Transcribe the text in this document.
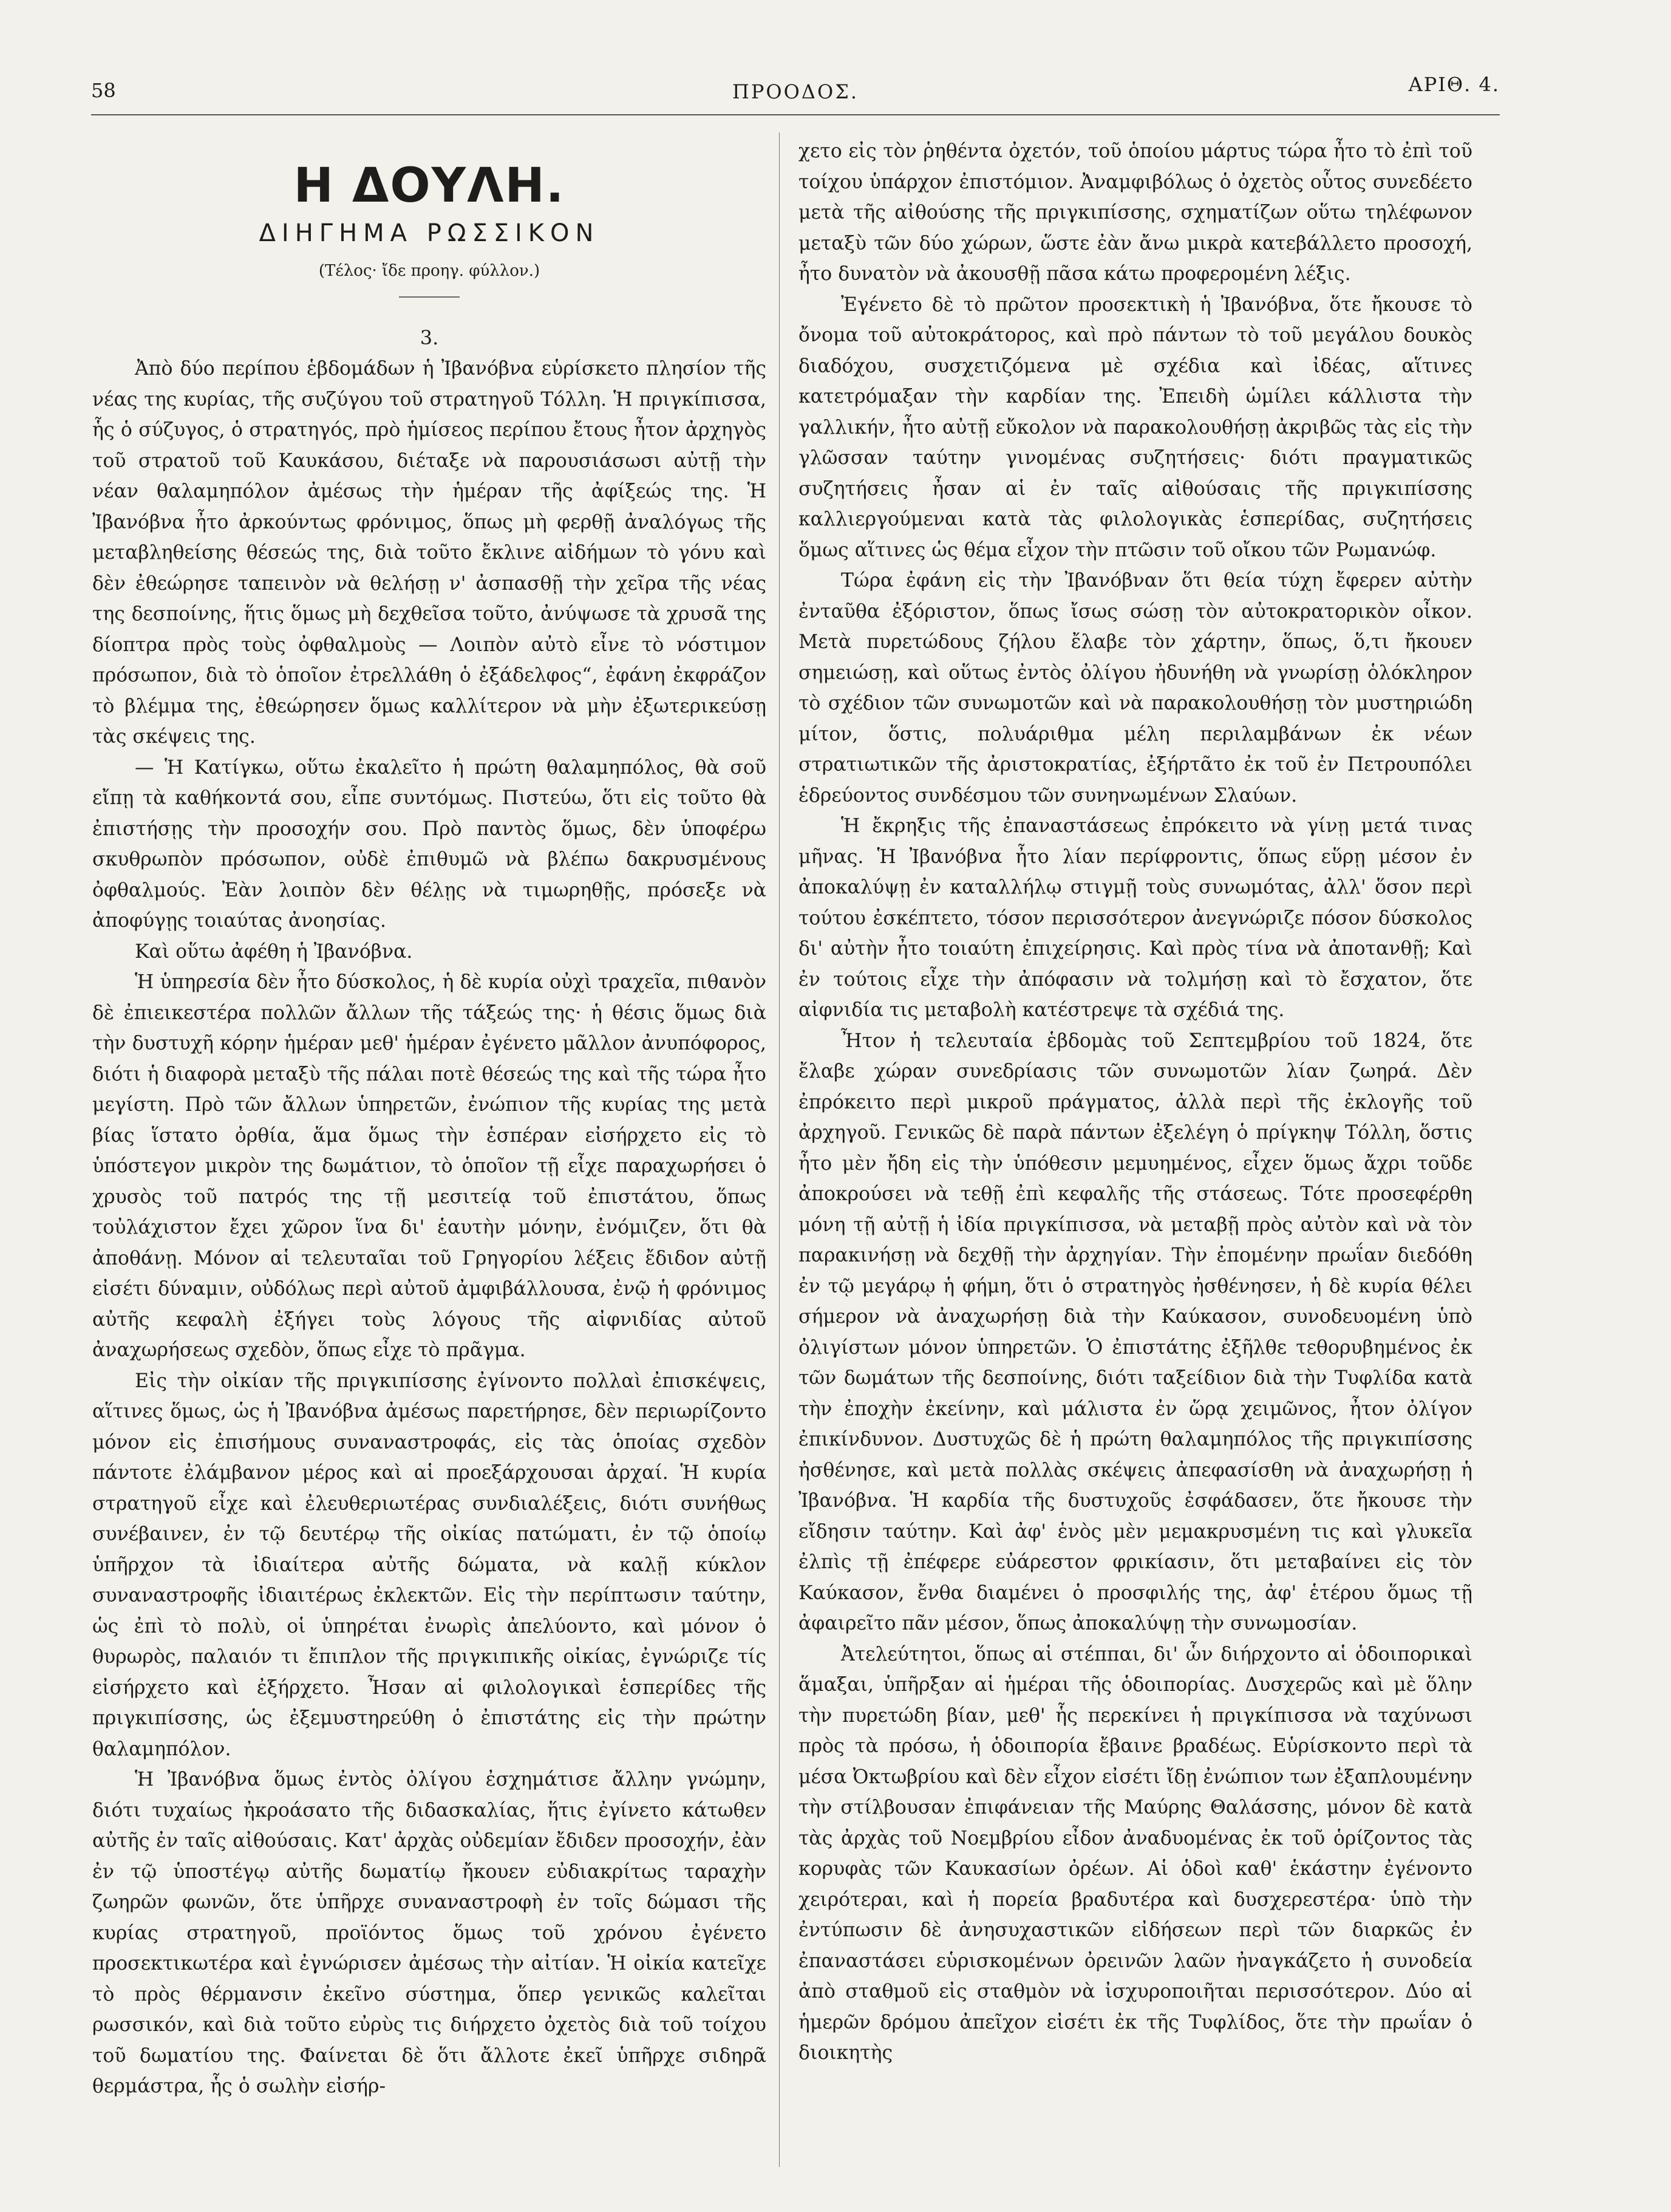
58	ΠΡΟΟΔΟΣ.	ΑΡΙΘ. 4.
Η ΔΟΥΛΗ.
ΔΙΗΓΗΜΑ ΡΩΣΣΙΚΟΝ
(Τέλος· ἴδε προηγ. φύλλον.)
3.

Ἀπὸ δύο περίπου ἑβδομάδων ἡ Ἰβανόβνα εὑρίσκετο πλησίον τῆς νέας της κυρίας, τῆς συζύγου τοῦ στρατηγοῦ Τόλλη. Ἡ πριγκίπισσα, ἧς ὁ σύζυγος, ὁ στρατηγός, πρὸ ἡμίσεος περίπου ἔτους ἦτον ἀρχηγὸς τοῦ στρατοῦ τοῦ Καυκάσου, διέταξε νὰ παρουσιάσωσι αὐτῇ τὴν νέαν θαλαμηπόλον ἀμέσως τὴν ἡμέραν τῆς ἀφίξεώς της. Ἡ Ἰβανόβνα ἦτο ἀρκούντως φρόνιμος, ὅπως μὴ φερθῇ ἀναλόγως τῆς μεταβληθείσης θέσεώς της, διὰ τοῦτο ἔκλινε αἰδήμων τὸ γόνυ καὶ δὲν ἐθεώρησε ταπεινὸν νὰ θελήσῃ ν' ἀσπασθῇ τὴν χεῖρα τῆς νέας της δεσποίνης, ἥτις ὅμως μὴ δεχθεῖσα τοῦτο, ἀνύψωσε τὰ χρυσᾶ της δίοπτρα πρὸς τοὺς ὀφθαλμοὺς — Λοιπὸν αὐτὸ εἶνε τὸ νόστιμον πρόσωπον, διὰ τὸ ὁποῖον ἐτρελλάθη ὁ ἐξάδελφος“, ἐφάνη ἐκφράζον τὸ βλέμμα της, ἐθεώρησεν ὅμως καλλίτερον νὰ μὴν ἐξωτερικεύσῃ τὰς σκέψεις της.

— Ἡ Κατίγκω, οὕτω ἐκαλεῖτο ἡ πρώτη θαλαμηπόλος, θὰ σοῦ εἴπῃ τὰ καθήκοντά σου, εἶπε συντόμως. Πιστεύω, ὅτι εἰς τοῦτο θὰ ἐπιστήσῃς τὴν προσοχήν σου. Πρὸ παντὸς ὅμως, δὲν ὑποφέρω σκυθρωπὸν πρόσωπον, οὐδὲ ἐπιθυμῶ νὰ βλέπω δακρυσμένους ὀφθαλμούς. Ἐὰν λοιπὸν δὲν θέλῃς νὰ τιμωρηθῇς, πρόσεξε νὰ ἀποφύγῃς τοιαύτας ἀνοησίας.

Καὶ οὕτω ἀφέθη ἡ Ἰβανόβνα.

Ἡ ὑπηρεσία δὲν ἦτο δύσκολος, ἡ δὲ κυρία οὐχὶ τραχεῖα, πιθανὸν δὲ ἐπιεικεστέρα πολλῶν ἄλλων τῆς τάξεώς της· ἡ θέσις ὅμως διὰ τὴν δυστυχῆ κόρην ἡμέραν μεθ' ἡμέραν ἐγένετο μᾶλλον ἀνυπόφορος, διότι ἡ διαφορὰ μεταξὺ τῆς πάλαι ποτὲ θέσεώς της καὶ τῆς τώρα ἦτο μεγίστη. Πρὸ τῶν ἄλλων ὑπηρετῶν, ἐνώπιον τῆς κυρίας της μετὰ βίας ἵστατο ὀρθία, ἅμα ὅμως τὴν ἑσπέραν εἰσήρχετο εἰς τὸ ὑπόστεγον μικρὸν της δωμάτιον, τὸ ὁποῖον τῇ εἶχε παραχωρήσει ὁ χρυσὸς τοῦ πατρός της τῇ μεσιτείᾳ τοῦ ἐπιστάτου, ὅπως τοὐλάχιστον ἔχει χῶρον ἵνα δι' ἑαυτὴν μόνην, ἐνόμιζεν, ὅτι θὰ ἀποθάνῃ. Μόνον αἱ τελευταῖαι τοῦ Γρηγορίου λέξεις ἔδιδον αὐτῇ εἰσέτι δύναμιν, οὐδόλως περὶ αὐτοῦ ἀμφιβάλλουσα, ἐνῷ ἡ φρόνιμος αὐτῆς κεφαλὴ ἐξήγει τοὺς λόγους τῆς αἰφνιδίας αὐτοῦ ἀναχωρήσεως σχεδὸν, ὅπως εἶχε τὸ πρᾶγμα.

Εἰς τὴν οἰκίαν τῆς πριγκιπίσσης ἐγίνοντο πολλαὶ ἐπισκέψεις, αἵτινες ὅμως, ὡς ἡ Ἰβανόβνα ἀμέσως παρετήρησε, δὲν περιωρίζοντο μόνον εἰς ἐπισήμους συναναστροφάς, εἰς τὰς ὁποίας σχεδὸν πάντοτε ἐλάμβανον μέρος καὶ αἱ προεξάρχουσαι ἀρχαί. Ἡ κυρία στρατηγοῦ εἶχε καὶ ἐλευθεριωτέρας συνδιαλέξεις, διότι συνήθως συνέβαινεν, ἐν τῷ δευτέρῳ τῆς οἰκίας πατώματι, ἐν τῷ ὁποίῳ ὑπῆρχον τὰ ἰδιαίτερα αὐτῆς δώματα, νὰ καλῇ κύκλον συναναστροφῆς ἰδιαιτέρως ἐκλεκτῶν. Εἰς τὴν περίπτωσιν ταύτην, ὡς ἐπὶ τὸ πολὺ, οἱ ὑπηρέται ἐνωρὶς ἀπελύοντο, καὶ μόνον ὁ θυρωρὸς, παλαιόν τι ἔπιπλον τῆς πριγκιπικῆς οἰκίας, ἐγνώριζε τίς εἰσήρχετο καὶ ἐξήρχετο. Ἦσαν αἱ φιλολογικαὶ ἑσπερίδες τῆς πριγκιπίσσης, ὡς ἐξεμυστηρεύθη ὁ ἐπιστάτης εἰς τὴν πρώτην θαλαμηπόλον.

Ἡ Ἰβανόβνα ὅμως ἐντὸς ὀλίγου ἐσχημάτισε ἄλλην γνώμην, διότι τυχαίως ἠκροάσατο τῆς διδασκαλίας, ἥτις ἐγίνετο κάτωθεν αὐτῆς ἐν ταῖς αἰθούσαις. Κατ' ἀρχὰς οὐδεμίαν ἔδιδεν προσοχήν, ἐὰν ἐν τῷ ὑποστέγῳ αὐτῆς δωματίῳ ἤκουεν εὐδιακρίτως ταραχὴν ζωηρῶν φωνῶν, ὅτε ὑπῆρχε συναναστροφὴ ἐν τοῖς δώμασι τῆς κυρίας στρατηγοῦ, προϊόντος ὅμως τοῦ χρόνου ἐγένετο προσεκτικωτέρα καὶ ἐγνώρισεν ἀμέσως τὴν αἰτίαν. Ἡ οἰκία κατεῖχε τὸ πρὸς θέρμανσιν ἐκεῖνο σύστημα, ὅπερ γενικῶς καλεῖται ρωσσικόν, καὶ διὰ τοῦτο εὐρὺς τις διήρχετο ὀχετὸς διὰ τοῦ τοίχου τοῦ δωματίου της. Φαίνεται δὲ ὅτι ἄλλοτε ἐκεῖ ὑπῆρχε σιδηρᾶ θερμάστρα, ἧς ὁ σωλὴν εἰσήρ-

χετο εἰς τὸν ῥηθέντα ὀχετόν, τοῦ ὁποίου μάρτυς τώρα ἦτο τὸ ἐπὶ τοῦ τοίχου ὑπάρχον ἐπιστόμιον. Ἀναμφιβόλως ὁ ὀχετὸς οὗτος συνεδέετο μετὰ τῆς αἰθούσης τῆς πριγκιπίσσης, σχηματίζων οὕτω τηλέφωνον μεταξὺ τῶν δύο χώρων, ὥστε ἐὰν ἄνω μικρὰ κατεβάλλετο προσοχή, ἦτο δυνατὸν νὰ ἀκουσθῇ πᾶσα κάτω προφερομένη λέξις.

Ἐγένετο δὲ τὸ πρῶτον προσεκτικὴ ἡ Ἰβανόβνα, ὅτε ἤκουσε τὸ ὄνομα τοῦ αὐτοκράτορος, καὶ πρὸ πάντων τὸ τοῦ μεγάλου δουκὸς διαδόχου, συσχετιζόμενα μὲ σχέδια καὶ ἰδέας, αἵτινες κατετρόμαξαν τὴν καρδίαν της. Ἐπειδὴ ὡμίλει κάλλιστα τὴν γαλλικήν, ἦτο αὐτῇ εὔκολον νὰ παρακολουθήσῃ ἀκριβῶς τὰς εἰς τὴν γλῶσσαν ταύτην γινομένας συζητήσεις· διότι πραγματικῶς συζητήσεις ἦσαν αἱ ἐν ταῖς αἰθούσαις τῆς πριγκιπίσσης καλλιεργούμεναι κατὰ τὰς φιλολογικὰς ἑσπερίδας, συζητήσεις ὅμως αἵτινες ὡς θέμα εἶχον τὴν πτῶσιν τοῦ οἴκου τῶν Ρωμανώφ.

Τώρα ἐφάνη εἰς τὴν Ἰβανόβναν ὅτι θεία τύχη ἔφερεν αὐτὴν ἐνταῦθα ἐξόριστον, ὅπως ἴσως σώσῃ τὸν αὐτοκρατορικὸν οἶκον. Μετὰ πυρετώδους ζήλου ἔλαβε τὸν χάρτην, ὅπως, ὅ,τι ἤκουεν σημειώσῃ, καὶ οὕτως ἐντὸς ὀλίγου ἠδυνήθη νὰ γνωρίσῃ ὁλόκληρον τὸ σχέδιον τῶν συνωμοτῶν καὶ νὰ παρακολουθήσῃ τὸν μυστηριώδη μίτον, ὅστις, πολυάριθμα μέλη περιλαμβάνων ἐκ νέων στρατιωτικῶν τῆς ἀριστοκρατίας, ἐξήρτᾶτο ἐκ τοῦ ἐν Πετρουπόλει ἑδρεύοντος συνδέσμου τῶν συνηνωμένων Σλαύων.

Ἡ ἔκρηξις τῆς ἐπαναστάσεως ἐπρόκειτο νὰ γίνῃ μετά τινας μῆνας. Ἡ Ἰβανόβνα ἦτο λίαν περίφροντις, ὅπως εὕρῃ μέσον ἐν ἀποκαλύψῃ ἐν καταλλήλῳ στιγμῇ τοὺς συνωμότας, ἀλλ' ὅσον περὶ τούτου ἐσκέπτετο, τόσον περισσότερον ἀνεγνώριζε πόσον δύσκολος δι' αὐτὴν ἦτο τοιαύτη ἐπιχείρησις. Καὶ πρὸς τίνα νὰ ἀποτανθῇ; Καὶ ἐν τούτοις εἶχε τὴν ἀπόφασιν νὰ τολμήσῃ καὶ τὸ ἔσχατον, ὅτε αἰφνιδία τις μεταβολὴ κατέστρεψε τὰ σχέδιά της.

Ἦτον ἡ τελευταία ἑβδομὰς τοῦ Σεπτεμβρίου τοῦ 1824, ὅτε ἔλαβε χώραν συνεδρίασις τῶν συνωμοτῶν λίαν ζωηρά. Δὲν ἐπρόκειτο περὶ μικροῦ πράγματος, ἀλλὰ περὶ τῆς ἐκλογῆς τοῦ ἀρχηγοῦ. Γενικῶς δὲ παρὰ πάντων ἐξελέγη ὁ πρίγκηψ Τόλλη, ὅστις ἦτο μὲν ἤδη εἰς τὴν ὑπόθεσιν μεμυημένος, εἶχεν ὅμως ἄχρι τοῦδε ἀποκρούσει νὰ τεθῇ ἐπὶ κεφαλῆς τῆς στάσεως. Τότε προσεφέρθη μόνη τῇ αὐτῇ ἡ ἰδία πριγκίπισσα, νὰ μεταβῇ πρὸς αὐτὸν καὶ νὰ τὸν παρακινήσῃ νὰ δεχθῇ τὴν ἀρχηγίαν. Τὴν ἐπομένην πρωΐαν διεδόθη ἐν τῷ μεγάρῳ ἡ φήμη, ὅτι ὁ στρατηγὸς ἠσθένησεν, ἡ δὲ κυρία θέλει σήμερον νὰ ἀναχωρήσῃ διὰ τὴν Καύκασον, συνοδευομένη ὑπὸ ὀλιγίστων μόνον ὑπηρετῶν. Ὁ ἐπιστάτης ἐξῆλθε τεθορυβημένος ἐκ τῶν δωμάτων τῆς δεσποίνης, διότι ταξείδιον διὰ τὴν Τυφλίδα κατὰ τὴν ἐποχὴν ἐκείνην, καὶ μάλιστα ἐν ὥρᾳ χειμῶνος, ἦτον ὀλίγον ἐπικίνδυνον. Δυστυχῶς δὲ ἡ πρώτη θαλαμηπόλος τῆς πριγκιπίσσης ἠσθένησε, καὶ μετὰ πολλὰς σκέψεις ἀπεφασίσθη νὰ ἀναχωρήσῃ ἡ Ἰβανόβνα. Ἡ καρδία τῆς δυστυχοῦς ἐσφάδασεν, ὅτε ἤκουσε τὴν εἴδησιν ταύτην. Καὶ ἀφ' ἑνὸς μὲν μεμακρυσμένη τις καὶ γλυκεῖα ἐλπὶς τῇ ἐπέφερε εὐάρεστον φρικίασιν, ὅτι μεταβαίνει εἰς τὸν Καύκασον, ἔνθα διαμένει ὁ προσφιλής της, ἀφ' ἑτέρου ὅμως τῇ ἀφαιρεῖτο πᾶν μέσον, ὅπως ἀποκαλύψῃ τὴν συνωμοσίαν.

Ἀτελεύτητοι, ὅπως αἱ στέππαι, δι' ὧν διήρχοντο αἱ ὁδοιπορικαὶ ἅμαξαι, ὑπῆρξαν αἱ ἡμέραι τῆς ὁδοιπορίας. Δυσχερῶς καὶ μὲ ὅλην τὴν πυρετώδη βίαν, μεθ' ἧς περεκίνει ἡ πριγκίπισσα νὰ ταχύνωσι πρὸς τὰ πρόσω, ἡ ὁδοιπορία ἔβαινε βραδέως. Εὑρίσκοντο περὶ τὰ μέσα Ὀκτωβρίου καὶ δὲν εἶχον εἰσέτι ἴδῃ ἐνώπιον των ἐξαπλουμένην τὴν στίλβουσαν ἐπιφάνειαν τῆς Μαύρης Θαλάσσης, μόνον δὲ κατὰ τὰς ἀρχὰς τοῦ Νοεμβρίου εἶδον ἀναδυομένας ἐκ τοῦ ὁρίζοντος τὰς κορυφὰς τῶν Καυκασίων ὀρέων. Αἱ ὁδοὶ καθ' ἑκάστην ἐγένοντο χειρότεραι, καὶ ἡ πορεία βραδυτέρα καὶ δυσχερεστέρα· ὑπὸ τὴν ἐντύπωσιν δὲ ἀνησυχαστικῶν εἰδήσεων περὶ τῶν διαρκῶς ἐν ἐπαναστάσει εὑρισκομένων ὀρεινῶν λαῶν ἠναγκάζετο ἡ συνοδεία ἀπὸ σταθμοῦ εἰς σταθμὸν νὰ ἰσχυροποιῆται περισσότερον. Δύο αἱ ἡμερῶν δρόμου ἀπεῖχον εἰσέτι ἐκ τῆς Τυφλίδος, ὅτε τὴν πρωΐαν ὁ διοικητὴς
